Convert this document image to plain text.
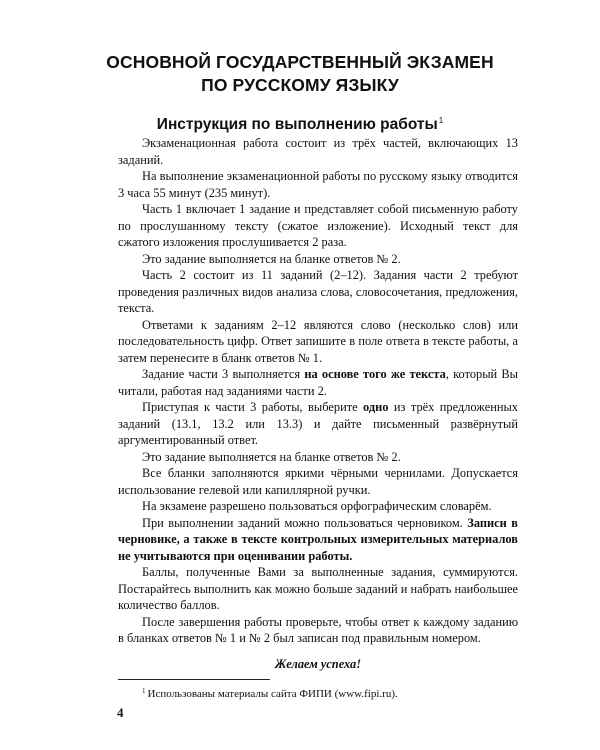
ОСНОВНОЙ ГОСУДАРСТВЕННЫЙ ЭКЗАМЕН
ПО РУССКОМУ ЯЗЫКУ
Инструкция по выполнению работы$^1$

Экзаменационная работа состоит из трёх частей, включающих 13 заданий.

На выполнение экзаменационной работы по русскому языку отводится 3 часа 55 минут (235 минут).

Часть 1 включает 1 задание и представляет собой письменную работу по прослушанному тексту (сжатое изложение). Исходный текст для сжатого изложения прослушивается 2 раза.

Это задание выполняется на бланке ответов № 2.

Часть 2 состоит из 11 заданий (2–12). Задания части 2 требуют проведения различных видов анализа слова, словосочетания, предложения, текста.

Ответами к заданиям 2–12 являются слово (несколько слов) или последовательность цифр. Ответ запишите в поле ответа в тексте работы, а затем перенесите в бланк ответов № 1.

Задание части 3 выполняется на основе того же текста, который Вы читали, работая над заданиями части 2.

Приступая к части 3 работы, выберите одно из трёх предложенных заданий (13.1, 13.2 или 13.3) и дайте письменный развёрнутый аргументированный ответ.

Это задание выполняется на бланке ответов № 2.

Все бланки заполняются яркими чёрными чернилами. Допускается использование гелевой или капиллярной ручки.

На экзамене разрешено пользоваться орфографическим словарём.

При выполнении заданий можно пользоваться черновиком. Записи в черновике, а также в тексте контрольных измерительных материалов не учитываются при оценивании работы.

Баллы, полученные Вами за выполненные задания, суммируются. Постарайтесь выполнить как можно больше заданий и набрать наибольшее количество баллов.

После завершения работы проверьте, чтобы ответ к каждому заданию в бланках ответов № 1 и № 2 был записан под правильным номером.

Желаем успеха!

$^1$ Использованы материалы сайта ФИПИ (www.fipi.ru).
4
